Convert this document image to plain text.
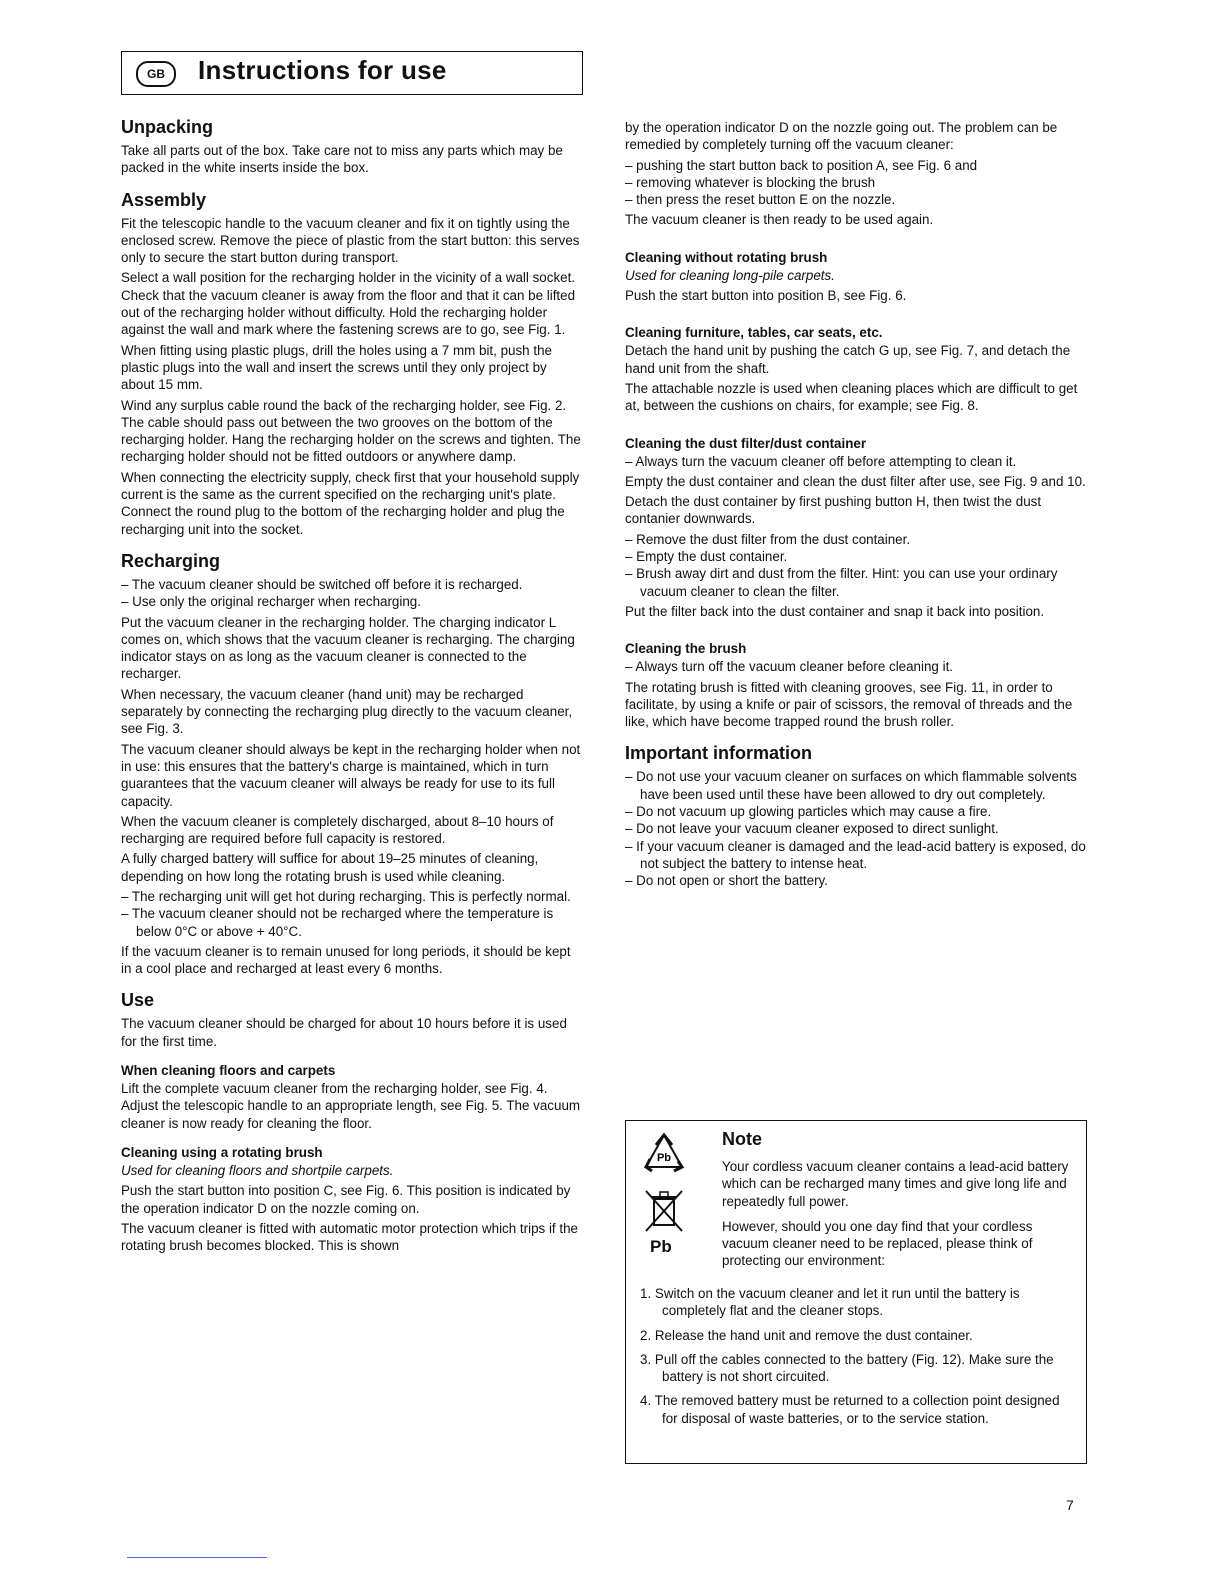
GB	Instructions for use
Unpacking

Take all parts out of the box. Take care not to miss any parts which may be packed in the white inserts inside the box.

Assembly

Fit the telescopic handle to the vacuum cleaner and fix it on tightly using the enclosed screw. Remove the piece of plastic from the start button: this serves only to secure the start button during transport.

Select a wall position for the recharging holder in the vicinity of a wall socket. Check that the vacuum cleaner is away from the floor and that it can be lifted out of the recharging holder without difficulty. Hold the recharging holder against the wall and mark where the fastening screws are to go, see Fig. 1.

When fitting using plastic plugs, drill the holes using a 7 mm bit, push the plastic plugs into the wall and insert the screws until they only project by about 15 mm.

Wind any surplus cable round the back of the recharging holder, see Fig. 2. The cable should pass out between the two grooves on the bottom of the recharging holder. Hang the recharging holder on the screws and tighten. The recharging holder should not be fitted outdoors or anywhere damp.

When connecting the electricity supply, check first that your household supply current is the same as the current specified on the recharging unit's plate. Connect the round plug to the bottom of the recharging holder and plug the recharging unit into the socket.

Recharging
– The vacuum cleaner should be switched off before it is recharged.
– Use only the original recharger when recharging.

Put the vacuum cleaner in the recharging holder. The charging indicator L comes on, which shows that the vacuum cleaner is recharging. The charging indicator stays on as long as the vacuum cleaner is connected to the recharger.

When necessary, the vacuum cleaner (hand unit) may be recharged separately by connecting the recharging plug directly to the vacuum cleaner, see Fig. 3.

The vacuum cleaner should always be kept in the recharging holder when not in use: this ensures that the battery's charge is maintained, which in turn guarantees that the vacuum cleaner will always be ready for use to its full capacity.

When the vacuum cleaner is completely discharged, about 8–10 hours of recharging are required before full capacity is restored.

A fully charged battery will suffice for about 19–25 minutes of cleaning, depending on how long the rotating brush is used while cleaning.

– The recharging unit will get hot during recharging. This is perfectly normal.
– The vacuum cleaner should not be recharged where the temperature is below 0°C or above + 40°C.

If the vacuum cleaner is to remain unused for long periods, it should be kept in a cool place and recharged at least every 6 months.

Use

The vacuum cleaner should be charged for about 10 hours before it is used for the first time.

When cleaning floors and carpets

Lift the complete vacuum cleaner from the recharging holder, see Fig. 4. Adjust the telescopic handle to an appropriate length, see Fig. 5. The vacuum cleaner is now ready for cleaning the floor.

Cleaning using a rotating brush

Used for cleaning floors and shortpile carpets.

Push the start button into position C, see Fig. 6. This position is indicated by the operation indicator D on the nozzle coming on.

The vacuum cleaner is fitted with automatic motor protection which trips if the rotating brush becomes blocked. This is shown

by the operation indicator D on the nozzle going out. The problem can be remedied by completely turning off the vacuum cleaner:

– pushing the start button back to position A, see Fig. 6 and
– removing whatever is blocking the brush
– then press the reset button E on the nozzle.

The vacuum cleaner is then ready to be used again.

Cleaning without rotating brush

Used for cleaning long-pile carpets.

Push the start button into position B, see Fig. 6.

Cleaning furniture, tables, car seats, etc.

Detach the hand unit by pushing the catch G up, see Fig. 7, and detach the hand unit from the shaft.

The attachable nozzle is used when cleaning places which are difficult to get at, between the cushions on chairs, for example; see Fig. 8.

Cleaning the dust filter/dust container
– Always turn the vacuum cleaner off before attempting to clean it.

Empty the dust container and clean the dust filter after use, see Fig. 9 and 10.

Detach the dust container by first pushing button H, then twist the dust contanier downwards.

– Remove the dust filter from the dust container.
– Empty the dust container.
– Brush away dirt and dust from the filter. Hint: you can use your ordinary vacuum cleaner to clean the filter.

Put the filter back into the dust container and snap it back into position.

Cleaning the brush
– Always turn off the vacuum cleaner before cleaning it.

The rotating brush is fitted with cleaning grooves, see Fig. 11, in order to facilitate, by using a knife or pair of scissors, the removal of threads and the like, which have become trapped round the brush roller.

Important information
– Do not use your vacuum cleaner on surfaces on which flammable solvents have been used until these have been allowed to dry out completely.
– Do not vacuum up glowing particles which may cause a fire.
– Do not leave your vacuum cleaner exposed to direct sunlight.
– If your vacuum cleaner is damaged and the lead-acid battery is exposed, do not subject the battery to intense heat.
– Do not open or short the battery.
Pb

Pb
Note

Your cordless vacuum cleaner contains a lead-acid battery which can be recharged many times and give long life and repeatedly full power.

However, should you one day find that your cordless vacuum cleaner need to be replaced, please think of protecting our environment:

1. Switch on the vacuum cleaner and let it run until the battery is completely flat and the cleaner stops.
2. Release the hand unit and remove the dust container.
3. Pull off the cables connected to the battery (Fig. 12). Make sure the battery is not short circuited.
4. The removed battery must be returned to a collection point designed for disposal of waste batteries, or to the service station.
7
